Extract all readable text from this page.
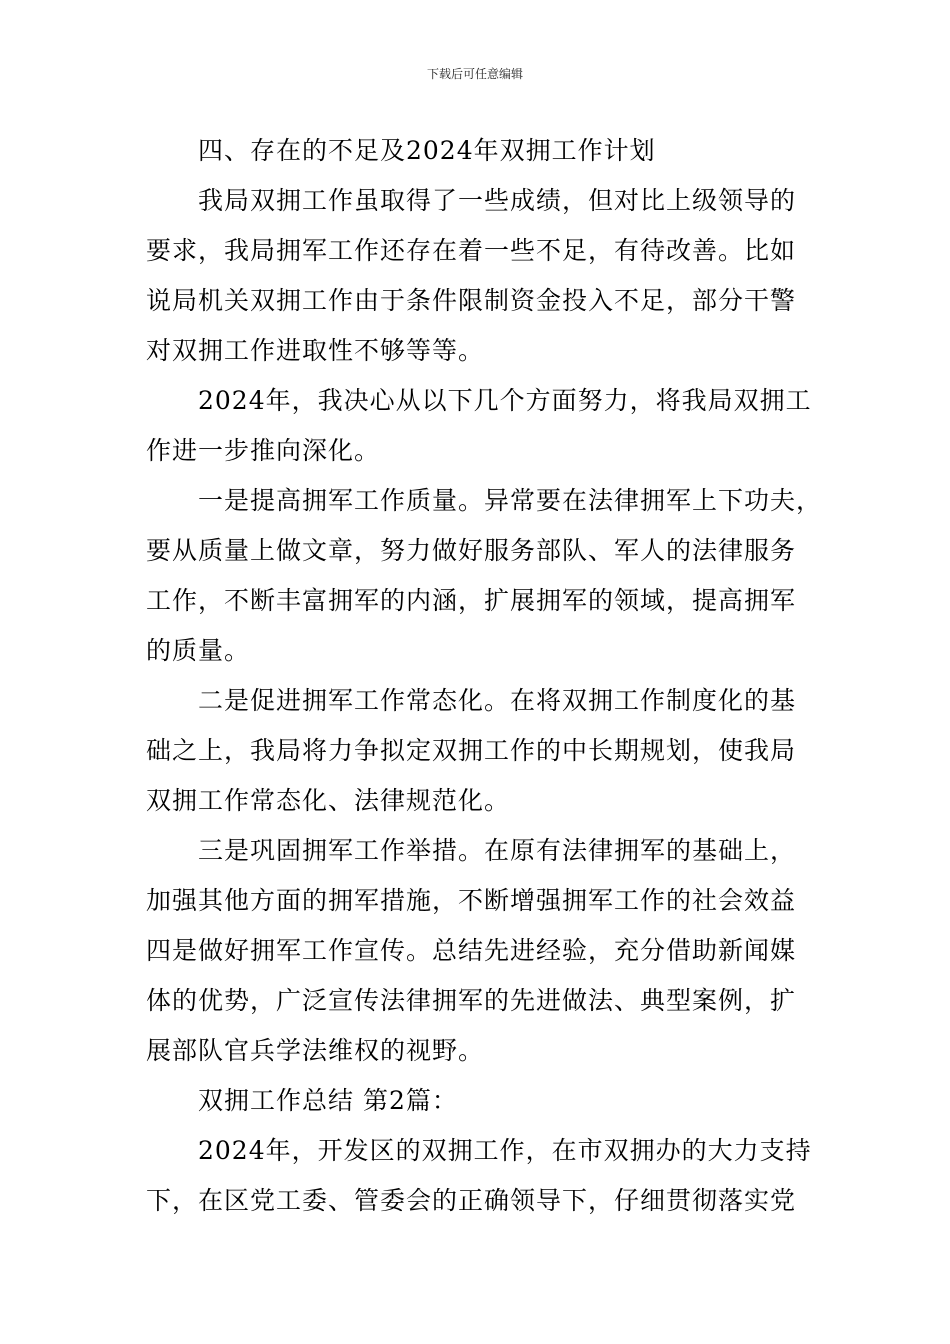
下载后可任意编辑
四、存在的不足及2024年双拥工作计划
我局双拥工作虽取得了一些成绩，但对比上级领导的
要求，我局拥军工作还存在着一些不足，有待改善。比如
说局机关双拥工作由于条件限制资金投入不足，部分干警
对双拥工作进取性不够等等。
2024年，我决心从以下几个方面努力，将我局双拥工
作进一步推向深化。
一是提高拥军工作质量。异常要在法律拥军上下功夫，
要从质量上做文章，努力做好服务部队、军人的法律服务
工作，不断丰富拥军的内涵，扩展拥军的领域，提高拥军
的质量。
二是促进拥军工作常态化。在将双拥工作制度化的基
础之上，我局将力争拟定双拥工作的中长期规划，使我局
双拥工作常态化、法律规范化。
三是巩固拥军工作举措。在原有法律拥军的基础上，
加强其他方面的拥军措施，不断增强拥军工作的社会效益
四是做好拥军工作宣传。总结先进经验，充分借助新闻媒
体的优势，广泛宣传法律拥军的先进做法、典型案例，扩
展部队官兵学法维权的视野。
双拥工作总结 第2篇：
2024年，开发区的双拥工作，在市双拥办的大力支持
下，在区党工委、管委会的正确领导下，仔细贯彻落实党
